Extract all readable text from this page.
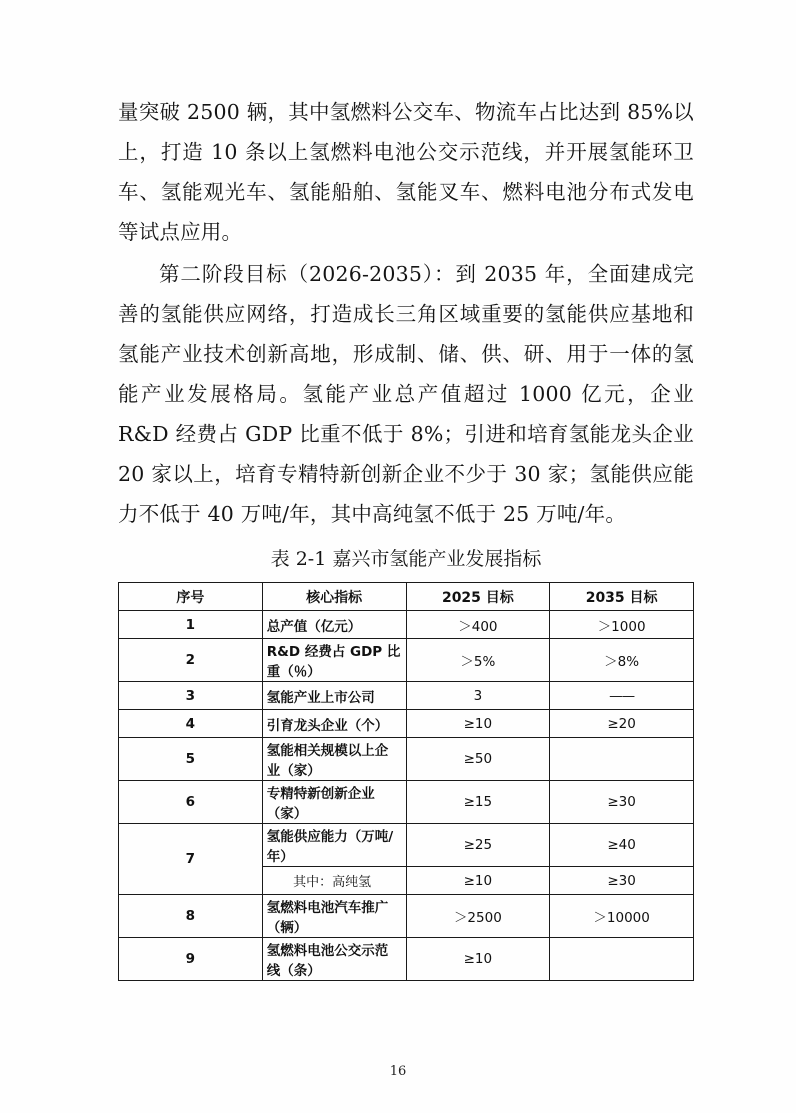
量突破 2500 辆，其中氢燃料公交车、物流车占比达到 85%以上，打造 10 条以上氢燃料电池公交示范线，并开展氢能环卫车、氢能观光车、氢能船舶、氢能叉车、燃料电池分布式发电等试点应用。

第二阶段目标（2026-2035）：到 2035 年，全面建成完善的氢能供应网络，打造成长三角区域重要的氢能供应基地和氢能产业技术创新高地，形成制、储、供、研、用于一体的氢能产业发展格局。氢能产业总产值超过 1000 亿元，企业 R&D 经费占 GDP 比重不低于 8%；引进和培育氢能龙头企业 20 家以上，培育专精特新创新企业不少于 30 家；氢能供应能力不低于 40 万吨/年，其中高纯氢不低于 25 万吨/年。

表 2-1 嘉兴市氢能产业发展指标
序号	核心指标	2025 目标	2035 目标
1	总产值（亿元）	＞400	＞1000
2	R&D 经费占 GDP 比重（％）	＞5%	＞8%
3	氢能产业上市公司	3	——
4	引育龙头企业（个）	≥10	≥20
5	氢能相关规模以上企业（家）	≥50	
6	专精特新创新企业（家）	≥15	≥30
7	氢能供应能力（万吨/年）	≥25	≥40
	其中：高纯氢	≥10	≥30
8	氢燃料电池汽车推广（辆）	＞2500	＞10000
9	氢燃料电池公交示范线（条）	≥10	
16
